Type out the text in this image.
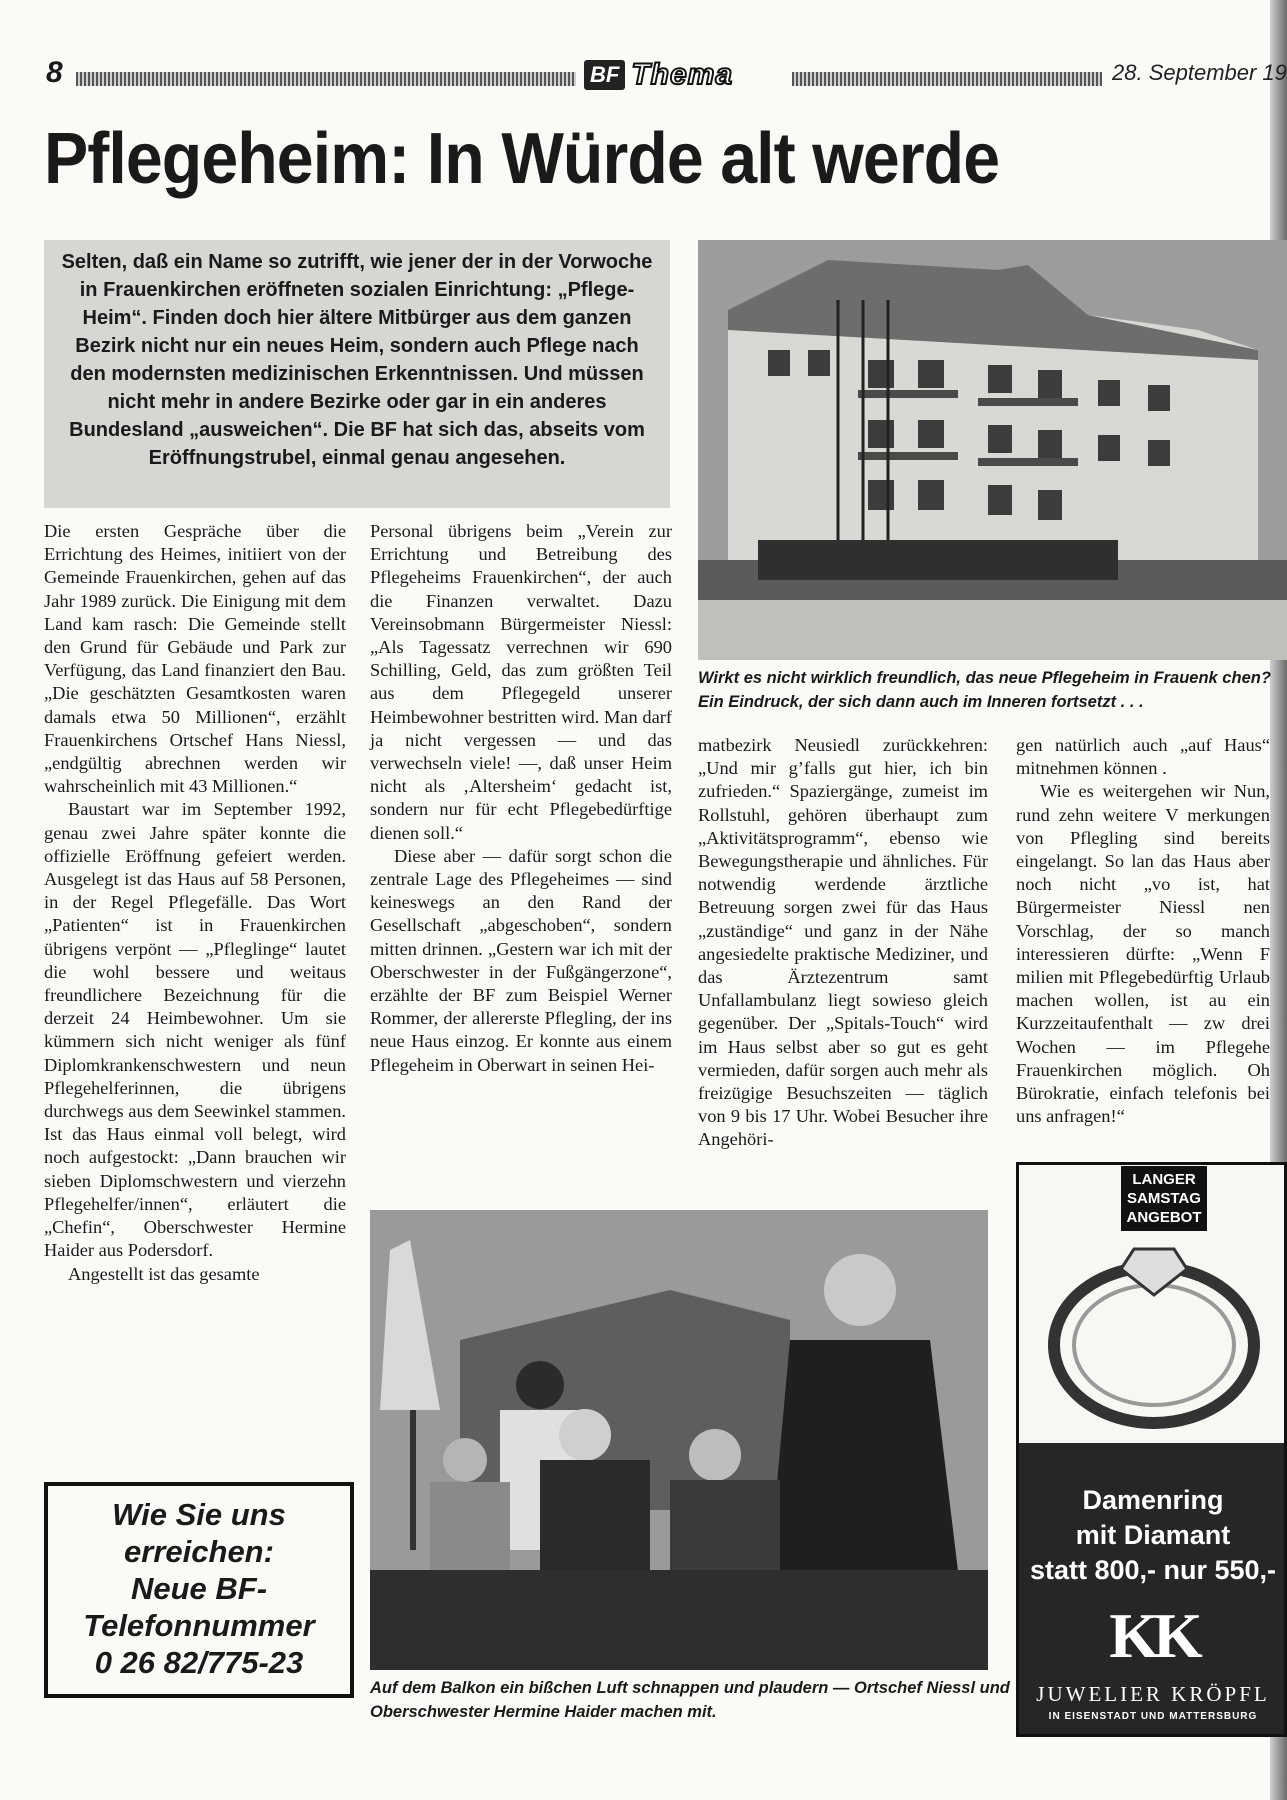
8	BF Thema	28. September 19
Pflegeheim: In Würde alt werde
Selten, daß ein Name so zutrifft, wie jener der in der Vorwoche in Frauenkirchen eröffneten sozialen Einrichtung: „Pflege-Heim“. Finden doch hier ältere Mitbürger aus dem ganzen Bezirk nicht nur ein neues Heim, sondern auch Pflege nach den modernsten medizinischen Erkenntnissen. Und müssen nicht mehr in andere Bezirke oder gar in ein anderes Bundesland „ausweichen“. Die BF hat sich das, abseits vom Eröffnungstrubel, einmal genau angesehen.
Wirkt es nicht wirklich freundlich, das neue Pflegeheim in Frauenk chen? Ein Eindruck, der sich dann auch im Inneren fortsetzt . . .

Die ersten Gespräche über die Errichtung des Heimes, initiiert von der Gemeinde Frauenkirchen, gehen auf das Jahr 1989 zurück. Die Einigung mit dem Land kam rasch: Die Gemeinde stellt den Grund für Gebäude und Park zur Verfügung, das Land finanziert den Bau. „Die geschätzten Gesamtkosten waren damals etwa 50 Millionen“, erzählt Frauenkirchens Ortschef Hans Niessl, „endgültig abrechnen werden wir wahrscheinlich mit 43 Millionen.“

Baustart war im September 1992, genau zwei Jahre später konnte die offizielle Eröffnung gefeiert werden. Ausgelegt ist das Haus auf 58 Personen, in der Regel Pflegefälle. Das Wort „Patienten“ ist in Frauenkirchen übrigens verpönt — „Pfleglinge“ lautet die wohl bessere und weitaus freundlichere Bezeichnung für die derzeit 24 Heimbewohner. Um sie kümmern sich nicht weniger als fünf Diplomkrankenschwestern und neun Pflegehelferinnen, die übrigens durchwegs aus dem Seewinkel stammen. Ist das Haus einmal voll belegt, wird noch aufgestockt: „Dann brauchen wir sieben Diplomschwestern und vierzehn Pflegehelfer/innen“, erläutert die „Chefin“, Oberschwester Hermine Haider aus Podersdorf.

Angestellt ist das gesamte

Personal übrigens beim „Verein zur Errichtung und Betreibung des Pflegeheims Frauenkirchen“, der auch die Finanzen verwaltet. Dazu Vereinsobmann Bürgermeister Niessl: „Als Tagessatz verrechnen wir 690 Schilling, Geld, das zum größten Teil aus dem Pflegegeld unserer Heimbewohner bestritten wird. Man darf ja nicht vergessen — und das verwechseln viele! —, daß unser Heim nicht als ‚Altersheim‘ gedacht ist, sondern nur für echt Pflegebedürftige dienen soll.“

Diese aber — dafür sorgt schon die zentrale Lage des Pflegeheimes — sind keineswegs an den Rand der Gesellschaft „abgeschoben“, sondern mitten drinnen. „Gestern war ich mit der Oberschwester in der Fußgängerzone“, erzählte der BF zum Beispiel Werner Rommer, der allererste Pflegling, der ins neue Haus einzog. Er konnte aus einem Pflegeheim in Oberwart in seinen Hei-

matbezirk Neusiedl zurückkehren: „Und mir g’falls gut hier, ich bin zufrieden.“ Spaziergänge, zumeist im Rollstuhl, gehören überhaupt zum „Aktivitätsprogramm“, ebenso wie Bewegungstherapie und ähnliches. Für notwendig werdende ärztliche Betreuung sorgen zwei für das Haus „zuständige“ und ganz in der Nähe angesiedelte praktische Mediziner, und das Ärztezentrum samt Unfallambulanz liegt sowieso gleich gegenüber. Der „Spitals-Touch“ wird im Haus selbst aber so gut es geht vermieden, dafür sorgen auch mehr als freizügige Besuchszeiten — täglich von 9 bis 17 Uhr. Wobei Besucher ihre Angehöri-

gen natürlich auch „auf Haus“ mitnehmen können .

Wie es weitergehen wir Nun, rund zehn weitere V merkungen von Pflegling sind bereits eingelangt. So lan das Haus aber noch nicht „vo ist, hat Bürgermeister Niessl nen Vorschlag, der so manch interessieren dürfte: „Wenn F milien mit Pflegebedürftig Urlaub machen wollen, ist au ein Kurzzeitaufenthalt — zw drei Wochen — im Pflegehe Frauenkirchen möglich. Oh Bürokratie, einfach telefonis bei uns anfragen!“

Auf dem Balkon ein bißchen Luft schnappen und plaudern — Ortschef Niessl und Oberschwester Hermine Haider machen mit.
Wie Sie uns
erreichen:
Neue BF-
Telefonnummer
0 26 82/775-23
LANGER
SAMSTAG
ANGEBOT
Damenring
mit Diamant
statt 800,- nur 550,-
KK
JUWELIER KRÖPFL
IN EISENSTADT UND MATTERSBURG
